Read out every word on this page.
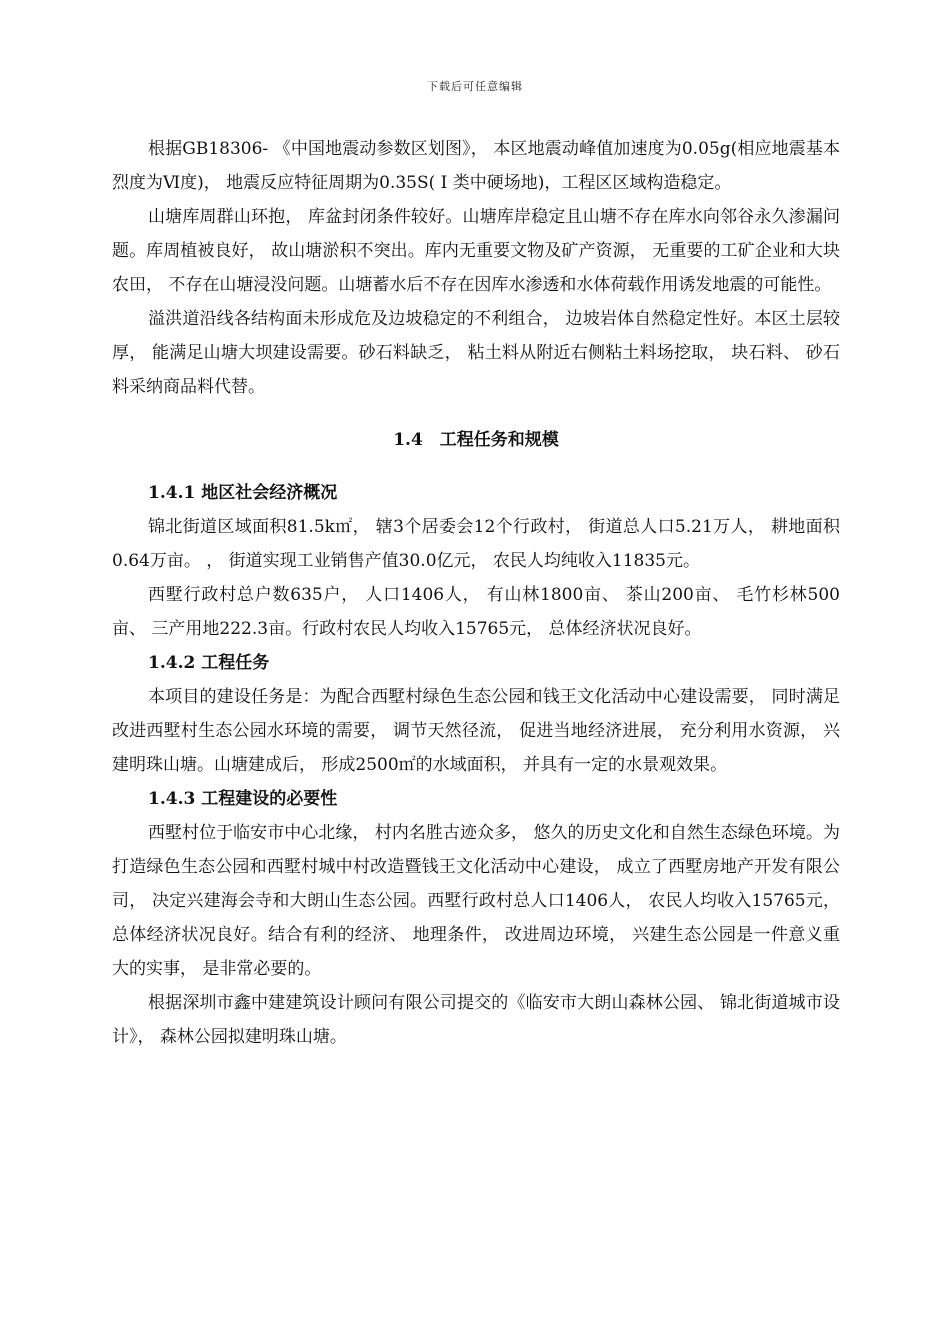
下载后可任意编辑

根据GB18306- 《中国地震动参数区划图》， 本区地震动峰值加速度为0.05g(相应地震基本烈度为Ⅵ度)， 地震反应特征周期为0.35S( Ⅰ 类中硬场地)，工程区区域构造稳定。

山塘库周群山环抱， 库盆封闭条件较好。山塘库岸稳定且山塘不存在库水向邻谷永久渗漏问题。库周植被良好， 故山塘淤积不突出。库内无重要文物及矿产资源， 无重要的工矿企业和大块农田， 不存在山塘浸没问题。山塘蓄水后不存在因库水渗透和水体荷载作用诱发地震的可能性。

溢洪道沿线各结构面未形成危及边坡稳定的不利组合， 边坡岩体自然稳定性好。本区土层较厚， 能满足山塘大坝建设需要。砂石料缺乏， 粘土料从附近右侧粘土料场挖取， 块石料、 砂石料采纳商品料代替。

1.4　工程任务和规模
1.4.1 地区社会经济概况

锦北街道区域面积81.5k㎡， 辖3个居委会12个行政村， 街道总人口5.21万人， 耕地面积0.64万亩。 ， 街道实现工业销售产值30.0亿元， 农民人均纯收入11835元。

西墅行政村总户数635户， 人口1406人， 有山林1800亩、 茶山200亩、 毛竹杉林500亩、 三产用地222.3亩。行政村农民人均收入15765元， 总体经济状况良好。

1.4.2 工程任务

本项目的建设任务是：为配合西墅村绿色生态公园和钱王文化活动中心建设需要， 同时满足改进西墅村生态公园水环境的需要， 调节天然径流， 促进当地经济进展， 充分利用水资源， 兴建明珠山塘。山塘建成后， 形成2500㎡的水域面积， 并具有一定的水景观效果。

1.4.3 工程建设的必要性

西墅村位于临安市中心北缘， 村内名胜古迹众多， 悠久的历史文化和自然生态绿色环境。为打造绿色生态公园和西墅村城中村改造暨钱王文化活动中心建设， 成立了西墅房地产开发有限公司， 决定兴建海会寺和大朗山生态公园。西墅行政村总人口1406人， 农民人均收入15765元， 总体经济状况良好。结合有利的经济、 地理条件， 改进周边环境， 兴建生态公园是一件意义重大的实事， 是非常必要的。

根据深圳市鑫中建建筑设计顾问有限公司提交的《临安市大朗山森林公园、 锦北街道城市设计》， 森林公园拟建明珠山塘。
